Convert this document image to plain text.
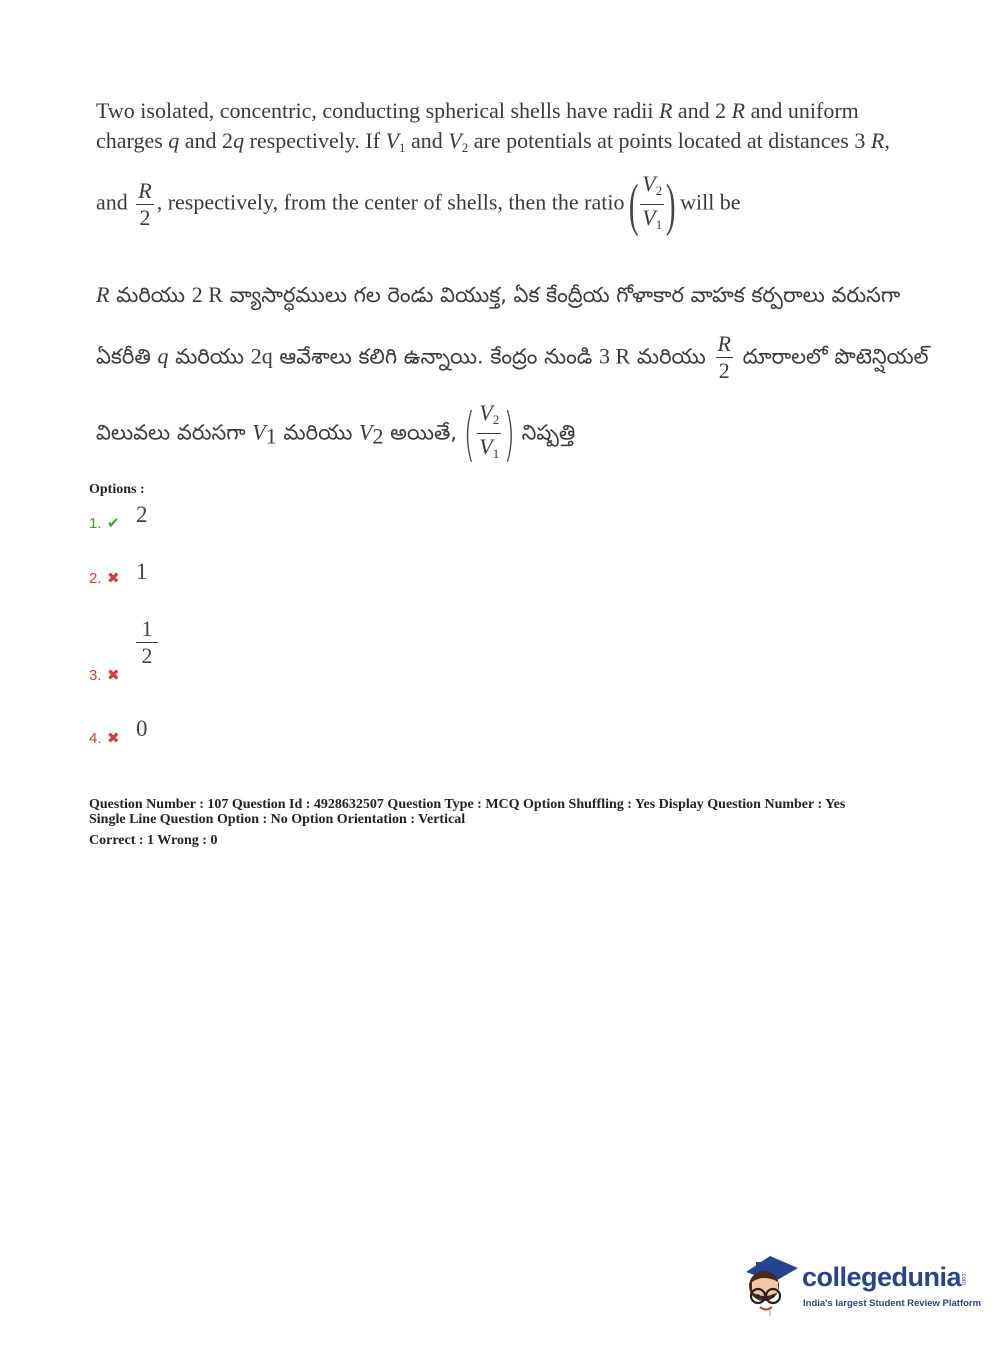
Two isolated, concentric, conducting spherical shells have radii R and 2 R and uniform
charges q and 2q respectively. If $V_1$ and $V_2$ are potentials at points located at distances 3 R,
and $\frac{R}{2}$ , respectively, from the center of shells, then the ratio ( $\frac{V_2}{V_1}$ ) will be
R మరియు 2 R వ్యాసార్ధములు గల రెండు వియుక్త, ఏక కేంద్రీయ గోళాకార వాహక కర్పరాలు వరుసగా
ఏకరీతి q మరియు 2q ఆవేశాలు కలిగి ఉన్నాయి. కేంద్రం నుండి 3 R మరియు $\frac{R}{2}$ దూరాలలో పొటెన్షియల్
విలువలు వరుసగా $V_1$ మరియు $V_2$ అయితే, ( $\frac{V_2}{V_1}$ ) నిష్పత్తి
Options :
1. ✔ 2
2. ✖ 1
3. ✖
$\frac{1}{2}$
4. ✖ 0
Question Number : 107 Question Id : 4928632507 Question Type : MCQ Option Shuffling : Yes Display Question Number : Yes
Single Line Question Option : No Option Orientation : Vertical
Correct : 1 Wrong : 0
collegedunia
.com
India's largest Student Review Platform
